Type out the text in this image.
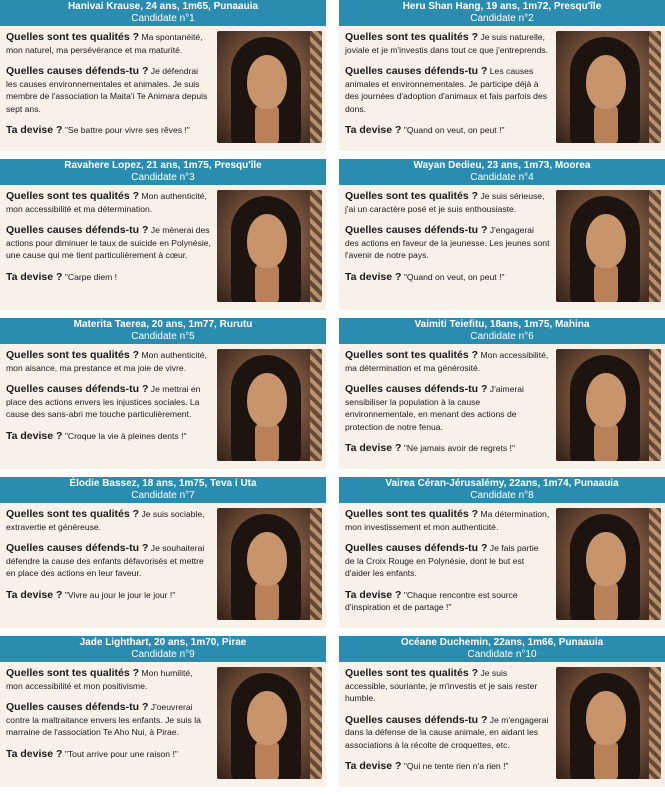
Hanivai Krause, 24 ans, 1m65, Punaauia
Candidate n°1
Quelles sont tes qualités ? Ma spontanéité, mon naturel, ma persévérance et ma maturité.
Quelles causes défends-tu ? Je défendrai les causes environnementales et animales. Je suis membre de l'association la Maita'i Te Animara depuis sept ans.
Ta devise ? "Se battre pour vivre ses rêves !"
Heru Shan Hang, 19 ans, 1m72, Presqu'île
Candidate n°2
Quelles sont tes qualités ? Je suis naturelle, joviale et je m'investis dans tout ce que j'entreprends.
Quelles causes défends-tu ? Les causes animales et environnementales. Je participe déjà à des journées d'adoption d'animaux et fais parfois des dons.
Ta devise ? "Quand on veut, on peut !"
Ravahere Lopez, 21 ans, 1m75, Presqu'île
Candidate n°3
Quelles sont tes qualités ? Mon authenticité, mon accessibilité et ma détermination.
Quelles causes défends-tu ? Je mènerai des actions pour diminuer le taux de suicide en Polynésie, une cause qui me tient particulièrement à cœur.
Ta devise ? "Carpe diem !
Wayan Dedieu, 23 ans, 1m73, Moorea
Candidate n°4
Quelles sont tes qualités ? Je suis sérieuse, j'ai un caractère posé et je suis enthousiaste.
Quelles causes défends-tu ? J'engagerai des actions en faveur de la jeunesse. Les jeunes sont l'avenir de notre pays.
Ta devise ? "Quand on veut, on peut !"
Materita Taerea, 20 ans, 1m77, Rurutu
Candidate n°5
Quelles sont tes qualités ? Mon authenticité, mon aisance, ma prestance et ma joie de vivre.
Quelles causes défends-tu ? Je mettrai en place des actions envers les injustices sociales. La cause des sans-abri me touche particulièrement.
Ta devise ? "Croque la vie à pleines dents !"
Vaimiti Teiefitu, 18ans, 1m75, Mahina
Candidate n°6
Quelles sont tes qualités ? Mon accessibilité, ma détermination et ma générosité.
Quelles causes défends-tu ? J'aimerai sensibiliser la population à la cause environnementale, en menant des actions de protection de notre fenua.
Ta devise ? "Ne jamais avoir de regrets !"
Élodie Bassez, 18 ans, 1m75, Teva i Uta
Candidate n°7
Quelles sont tes qualités ? Je suis sociable, extravertie et généreuse.
Quelles causes défends-tu ? Je souhaiterai défendre la cause des enfants défavorisés et mettre en place des actions en leur faveur.
Ta devise ? "Vivre au jour le jour le jour !"
Vairea Céran-Jérusalémy, 22ans, 1m74, Punaauia
Candidate n°8
Quelles sont tes qualités ? Ma détermination, mon investissement et mon authenticité.
Quelles causes défends-tu ? Je fais partie de la Croix Rouge en Polynésie, dont le but est d'aider les enfants.
Ta devise ? "Chaque rencontre est source d'inspiration et de partage !"
Jade Lighthart, 20 ans, 1m70, Pirae
Candidate n°9
Quelles sont tes qualités ? Mon humilité, mon accessibilité et mon positivisme.
Quelles causes défends-tu ? J'oeuvrerai contre la maltraitance envers les enfants. Je suis la marraine de l'association Te Aho Nui, à Pirae.
Ta devise ? "Tout arrive pour une raison !"
Océane Duchemin, 22ans, 1m66, Punaauia
Candidate n°10
Quelles sont tes qualités ? Je suis accessible, souriante, je m'investis et je sais rester humble.
Quelles causes défends-tu ? Je m'engagerai dans la défense de la cause animale, en aidant les associations à la récolte de croquettes, etc.
Ta devise ? "Qui ne tente rien n'a rien !"
